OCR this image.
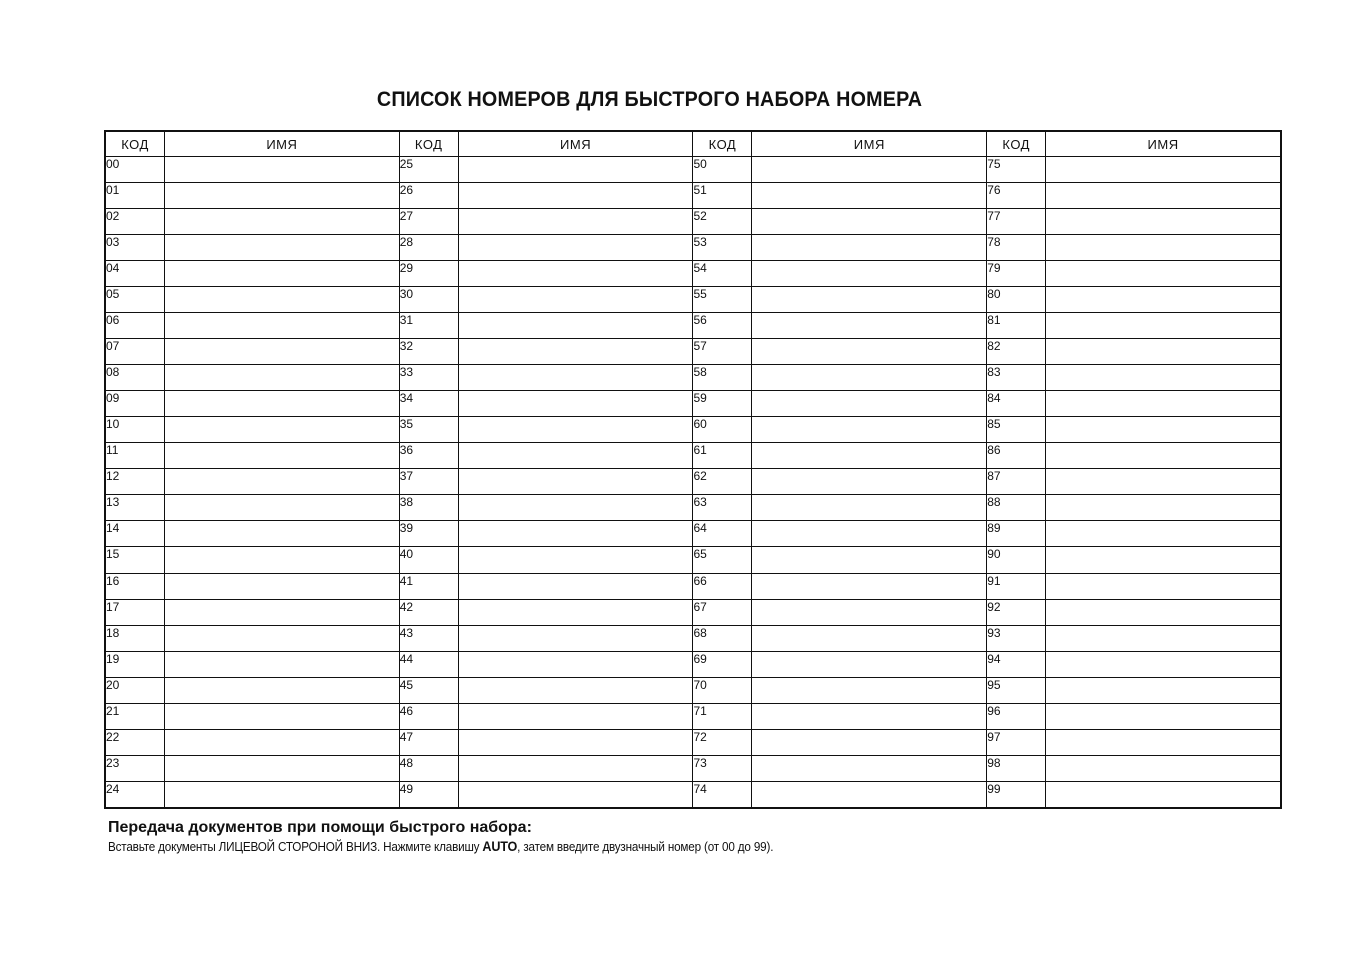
СПИСОК НОМЕРОВ ДЛЯ БЫСТРОГО НАБОРА НОМЕРА
КОД	ИМЯ	КОД	ИМЯ	КОД	ИМЯ	КОД	ИМЯ
00		25		50		75	
01		26		51		76	
02		27		52		77	
03		28		53		78	
04		29		54		79	
05		30		55		80	
06		31		56		81	
07		32		57		82	
08		33		58		83	
09		34		59		84	
10		35		60		85	
11		36		61		86	
12		37		62		87	
13		38		63		88	
14		39		64		89	
15		40		65		90	
16		41		66		91	
17		42		67		92	
18		43		68		93	
19		44		69		94	
20		45		70		95	
21		46		71		96	
22		47		72		97	
23		48		73		98	
24		49		74		99	
Передача документов при помощи быстрого набора:
Вставьте документы ЛИЦЕВОЙ СТОРОНОЙ ВНИЗ. Нажмите клавишу AUTO, затем введите двузначный номер (от 00 до 99).
